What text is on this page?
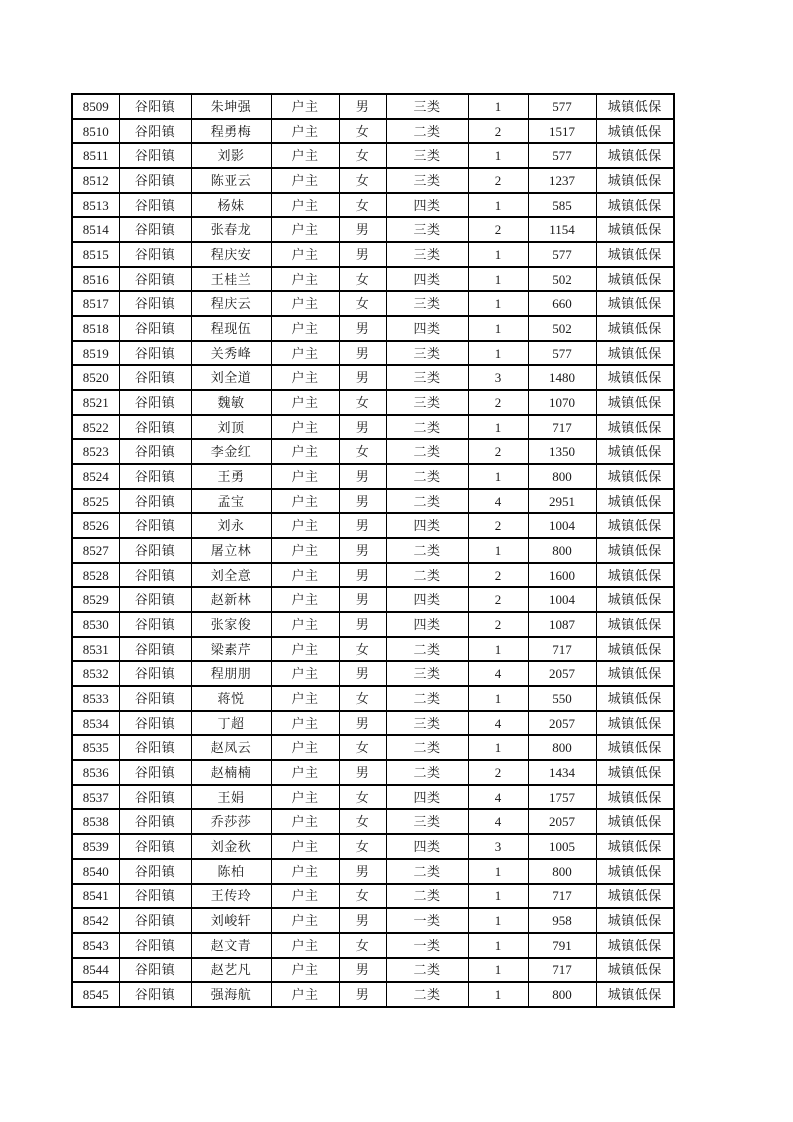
8509	谷阳镇	朱坤强	户主	男	三类	1	577	城镇低保
8510	谷阳镇	程勇梅	户主	女	二类	2	1517	城镇低保
8511	谷阳镇	刘影	户主	女	三类	1	577	城镇低保
8512	谷阳镇	陈亚云	户主	女	三类	2	1237	城镇低保
8513	谷阳镇	杨妹	户主	女	四类	1	585	城镇低保
8514	谷阳镇	张春龙	户主	男	三类	2	1154	城镇低保
8515	谷阳镇	程庆安	户主	男	三类	1	577	城镇低保
8516	谷阳镇	王桂兰	户主	女	四类	1	502	城镇低保
8517	谷阳镇	程庆云	户主	女	三类	1	660	城镇低保
8518	谷阳镇	程现伍	户主	男	四类	1	502	城镇低保
8519	谷阳镇	关秀峰	户主	男	三类	1	577	城镇低保
8520	谷阳镇	刘全道	户主	男	三类	3	1480	城镇低保
8521	谷阳镇	魏敏	户主	女	三类	2	1070	城镇低保
8522	谷阳镇	刘顶	户主	男	二类	1	717	城镇低保
8523	谷阳镇	李金红	户主	女	二类	2	1350	城镇低保
8524	谷阳镇	王勇	户主	男	二类	1	800	城镇低保
8525	谷阳镇	孟宝	户主	男	二类	4	2951	城镇低保
8526	谷阳镇	刘永	户主	男	四类	2	1004	城镇低保
8527	谷阳镇	屠立林	户主	男	二类	1	800	城镇低保
8528	谷阳镇	刘全意	户主	男	二类	2	1600	城镇低保
8529	谷阳镇	赵新林	户主	男	四类	2	1004	城镇低保
8530	谷阳镇	张家俊	户主	男	四类	2	1087	城镇低保
8531	谷阳镇	梁素芹	户主	女	二类	1	717	城镇低保
8532	谷阳镇	程朋朋	户主	男	三类	4	2057	城镇低保
8533	谷阳镇	蒋悦	户主	女	二类	1	550	城镇低保
8534	谷阳镇	丁超	户主	男	三类	4	2057	城镇低保
8535	谷阳镇	赵凤云	户主	女	二类	1	800	城镇低保
8536	谷阳镇	赵楠楠	户主	男	二类	2	1434	城镇低保
8537	谷阳镇	王娟	户主	女	四类	4	1757	城镇低保
8538	谷阳镇	乔莎莎	户主	女	三类	4	2057	城镇低保
8539	谷阳镇	刘金秋	户主	女	四类	3	1005	城镇低保
8540	谷阳镇	陈柏	户主	男	二类	1	800	城镇低保
8541	谷阳镇	王传玲	户主	女	二类	1	717	城镇低保
8542	谷阳镇	刘峻轩	户主	男	一类	1	958	城镇低保
8543	谷阳镇	赵文青	户主	女	一类	1	791	城镇低保
8544	谷阳镇	赵艺凡	户主	男	二类	1	717	城镇低保
8545	谷阳镇	强海航	户主	男	二类	1	800	城镇低保
